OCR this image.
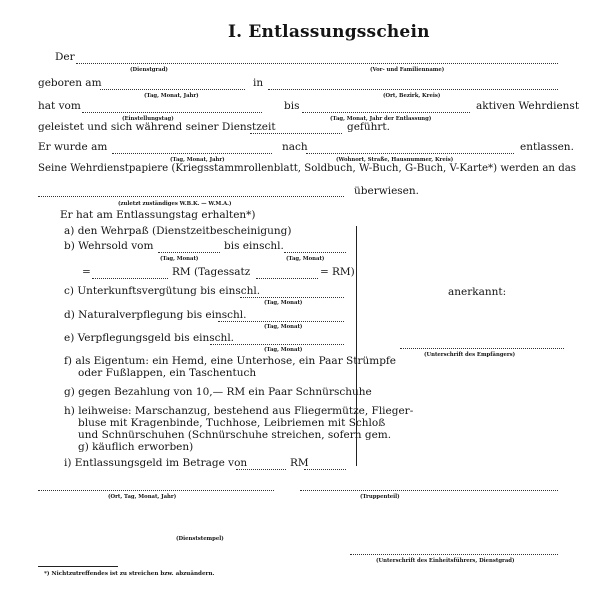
I. Entlassungsschein
Der
(Dienstgrad)	(Vor- und Familienname)
geboren am	in
(Tag, Monat, Jahr)	(Ort, Bezirk, Kreis)
hat vom	bis	aktiven Wehrdienst
(Einstellungstag)	(Tag, Monat, Jahr der Entlassung)
geleistet und sich während seiner Dienstzeit	geführt.
Er wurde am	nach	entlassen.
(Tag, Monat, Jahr)	(Wohnort, Straße, Hausnummer, Kreis)
Seine Wehrdienstpapiere (Kriegsstammrollenblatt, Soldbuch, W-Buch, G-Buch, V-Karte*) werden an das
überwiesen.
(zuletzt zuständiges W.B.K. — W.M.A.)
Er hat am Entlassungstag erhalten*)
a) den Wehrpaß (Dienstzeitbescheinigung)
b) Wehrsold vom	bis einschl.
(Tag, Monat)	(Tag, Monat)
=	RM (Tagessatz	= RM)
c) Unterkunftsvergütung bis einschl.
(Tag, Monat)
d) Naturalverpflegung bis einschl.
(Tag, Monat)
e) Verpflegungsgeld bis einschl.
(Tag, Monat)
f) als Eigentum: ein Hemd, eine Unterhose, ein Paar Strümpfe
oder Fußlappen, ein Taschentuch
g) gegen Bezahlung von 10,— RM ein Paar Schnürschuhe
h) leihweise: Marschanzug, bestehend aus Fliegermütze, Flieger-
bluse mit Kragenbinde, Tuchhose, Leibriemen mit Schloß
und Schnürschuhen (Schnürschuhe streichen, sofern gem.
g) käuflich erworben)
i) Entlassungsgeld im Betrage von	RM
anerkannt:
(Unterschrift des Empfängers)
(Ort, Tag, Monat, Jahr)	(Truppenteil)
(Dienststempel)
(Unterschrift des Einheitsführers, Dienstgrad)
*) Nichtzutreffendes ist zu streichen bzw. abzuändern.
